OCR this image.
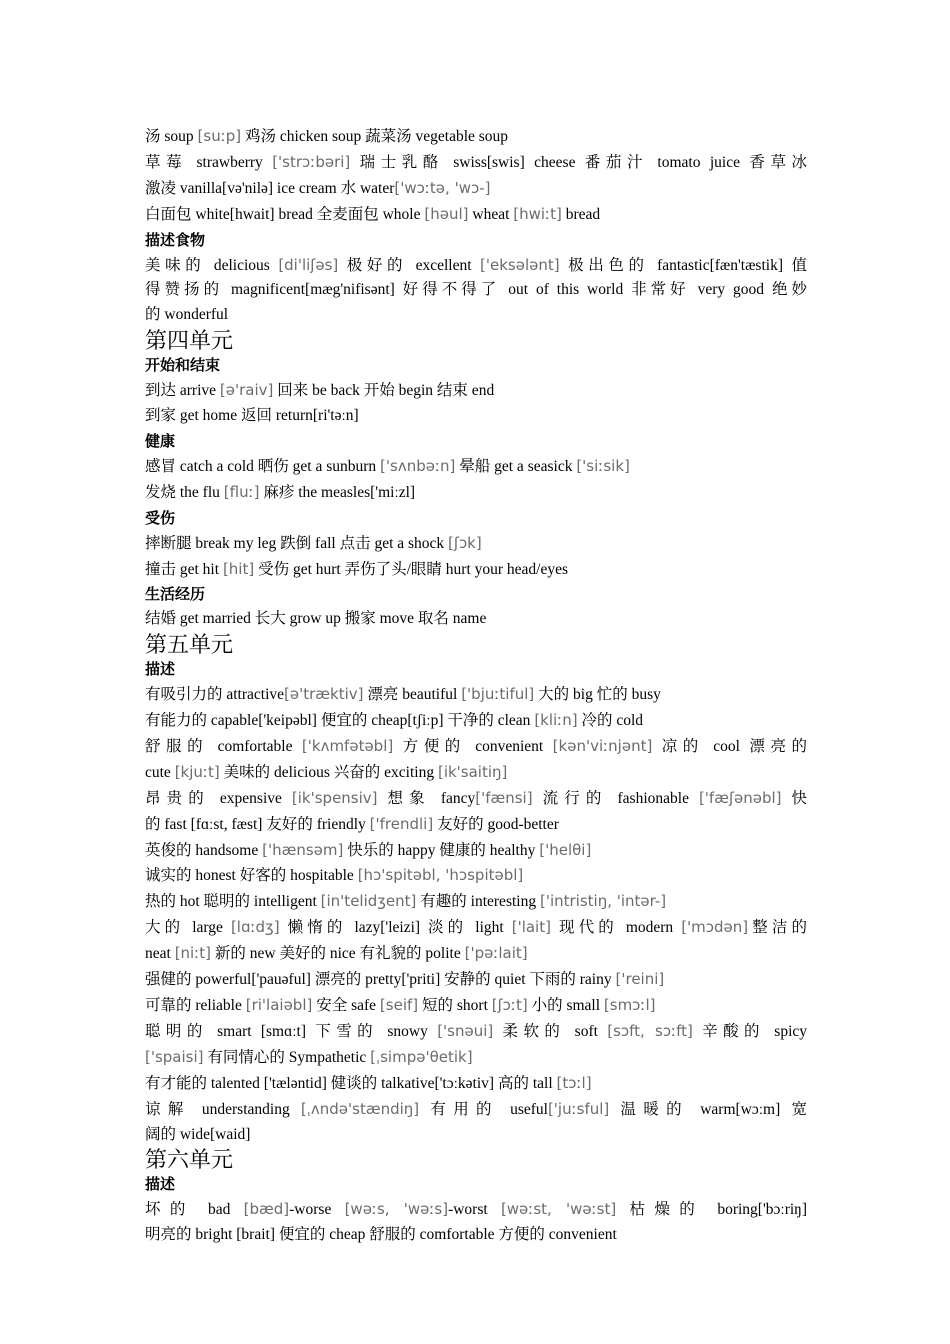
汤 soup [suːp] 鸡汤 chicken soup 蔬菜汤 vegetable soup
草莓 strawberry ['strɔːbəri] 瑞士乳酪 swiss[swis] cheese 番茄汁 tomato juice 香草冰
激凌 vanilla[və'nilə] ice cream 水 water['wɔːtə, 'wɔ-]
白面包 white[hwait] bread 全麦面包 whole [həul] wheat [hwiːt] bread
描述食物
美味的 delicious [di'liʃəs] 极好的 excellent ['eksələnt] 极出色的 fantastic[fæn'tæstik] 值
得赞扬的 magnificent[mæg'nifisənt] 好得不得了 out of this world 非常好 very good 绝妙
的 wonderful
第四单元
开始和结束
到达 arrive [ə'raiv] 回来 be back 开始 begin 结束 end
到家 get home 返回 return[ri'təːn]
健康
感冒 catch a cold 晒伤 get a sunburn ['sʌnbəːn] 晕船 get a seasick ['siːsik]
发烧 the flu [fluː] 麻疹 the measles['miːzl]
受伤
摔断腿 break my leg 跌倒 fall 点击 get a shock [ʃɔk]
撞击 get hit [hit] 受伤 get hurt 弄伤了头/眼睛 hurt your head/eyes
生活经历
结婚 get married 长大 grow up 搬家 move 取名 name
第五单元
描述
有吸引力的 attractive[ə'træktiv] 漂亮 beautiful ['bjuːtiful] 大的 big 忙的 busy
有能力的 capable['keipəbl] 便宜的 cheap[tʃiːp] 干净的 clean [kliːn] 冷的 cold
舒服的 comfortable ['kʌmfətəbl] 方便的 convenient [kən'viːnjənt] 凉的 cool 漂亮的
cute [kjuːt] 美味的 delicious 兴奋的 exciting [ik'saitiŋ]
昂贵的 expensive [ik'spensiv] 想象 fancy['fænsi] 流行的 fashionable ['fæʃənəbl] 快
的 fast [fɑːst, fæst] 友好的 friendly ['frendli] 友好的 good-better
英俊的 handsome ['hænsəm] 快乐的 happy 健康的 healthy ['helθi]
诚实的 honest 好客的 hospitable [hɔ'spitəbl, 'hɔspitəbl]
热的 hot 聪明的 intelligent [in'telidʒent] 有趣的 interesting ['intristiŋ, 'intər-]
大的 large [lɑːdʒ] 懒惰的 lazy['leizi] 淡的 light ['lait] 现代的 modern ['mɔdən]整洁的
neat [niːt] 新的 new 美好的 nice 有礼貌的 polite ['pəːlait]
强健的 powerful['pauəful] 漂亮的 pretty['priti] 安静的 quiet 下雨的 rainy ['reini]
可靠的 reliable [ri'laiəbl] 安全 safe [seif] 短的 short [ʃɔːt] 小的 small [smɔːl]
聪明的 smart [smɑːt] 下雪的 snowy ['snəui] 柔软的 soft [sɔft, sɔːft] 辛酸的 spicy
['spaisi] 有同情心的 Sympathetic [ˌsimpə'θetik]
有才能的 talented ['tæləntid] 健谈的 talkative['tɔːkətiv] 高的 tall [tɔːl]
谅解 understanding [ˌʌndə'stændiŋ] 有用的 useful['juːsful] 温暖的 warm[wɔːm] 宽
阔的 wide[waid]
第六单元
描述
坏的 bad [bæd]-worse [wəːs, 'wəːs]-worst [wəːst, 'wəːst] 枯燥的 boring['bɔːriŋ]
明亮的 bright [brait] 便宜的 cheap 舒服的 comfortable 方便的 convenient
